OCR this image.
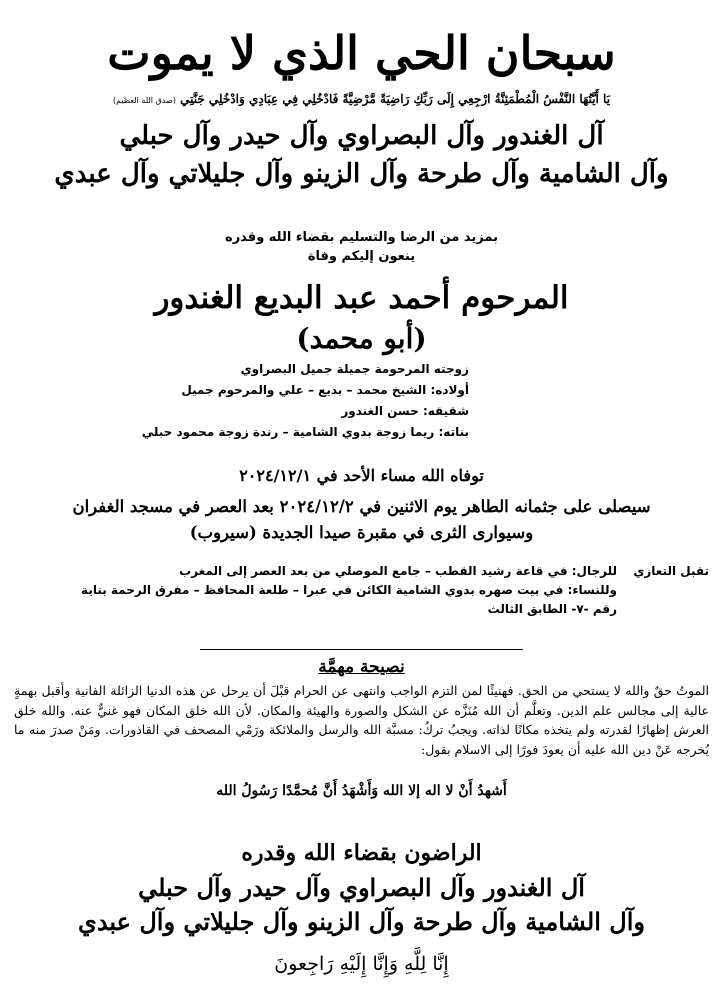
سبحان الحي الذي لا يموت
يَا أَيَّتُهَا النَّفْسُ الْمُطْمَئِنَّةُ ارْجِعِي إِلَى رَبِّكِ رَاضِيَةً مَّرْضِيَّةً فَادْخُلِي فِي عِبَادِي وَادْخُلِي جَنَّتِي (صدق الله العظيم)
آل الغندور وآل البصراوي وآل حيدر وآل حبلي
وآل الشامية وآل طرحة وآل الزينو وآل جليلاتي وآل عبدي
بمزيد من الرضا والتسليم بقضاء الله وقدره
ينعون إليكم وفاة
المرحوم أحمد عبد البديع الغندور
(أبو محمد)
زوجته المرحومة جميلة جميل البصراوي
أولاده: الشيخ محمد – بديع – علي والمرحوم جميل
شقيقه: حسن الغندور
بناته: ريما زوجة بدوي الشامية – رندة زوجة محمود حبلي
توفاه الله مساء الأحد في ٢٠٢٤/١٢/١
سيصلى على جثمانه الطاهر يوم الاثنين في ٢٠٢٤/١٢/٢ بعد العصر في مسجد الغفران
وسيوارى الثرى في مقبرة صيدا الجديدة (سيروب)
تقبل التعازي
للرجال: في قاعة رشيد القطب – جامع الموصلي من بعد العصر إلى المغرب
وللنساء: في بيت صهره بدوي الشامية الكائن في عبرا – طلعة المحافظ – مفرق الرحمة بناية
رقم -٧- الطابق الثالث
نصيحة مهمَّة
الموتُ حقٌ والله لا يستحي من الحق. فهنيئًا لمن التزم الواجب وانتهى عن الحرام قبْلَ أن يرحل عن هذه الدنيا الزائلة الفانية وأقبل بهمةٍ عالية إلى مجالس علم الدين. وتعلَّم أن الله مُنَزَّه عن الشكل والصورة والهيئة والمكان. لأن الله خلق المكان فهو غنيٌّ عنه. والله خلق العرش إظهارًا لقدرته ولم يتخذه مكانًا لذاته. ويجبُ تركُ: مسبَّة الله والرسل والملائكة ورَمْي المصحف في القاذورات. ومَنْ صدرَ منه ما يُخرجه عَنْ دين الله عليه أن يعودَ فورًا إلى الاسلام بقول:
أَشهدُ أَنْ لا اله إلا الله وَأَشْهَدُ أَنَّ مُحمَّدًا رَسُولُ الله
الراضون بقضاء الله وقدره
آل الغندور وآل البصراوي وآل حيدر وآل حبلي
وآل الشامية وآل طرحة وآل الزينو وآل جليلاتي وآل عبدي
إِنَّا لِلَّهِ وَإِنَّا إِلَيْهِ رَاجِعونَ
